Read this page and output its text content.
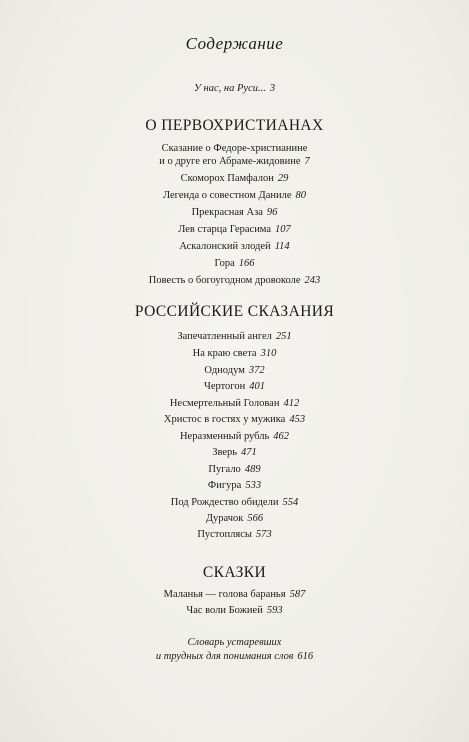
Содержание
У нас, на Руси... 3
О ПЕРВОХРИСТИАНАХ
Сказание о Федоре-христианине
и о друге его Абраме-жидовине 7
Скоморох Памфалон 29
Легенда о совестном Даниле 80
Прекрасная Аза 96
Лев старца Герасима 107
Аскалонский злодей 114
Гора 166
Повесть о богоугодном дровоколе 243
РОССИЙСКИЕ СКАЗАНИЯ
Запечатленный ангел 251
На краю света 310
Однодум 372
Чертогон 401
Несмертельный Голован 412
Христос в гостях у мужика 453
Неразменный рубль 462
Зверь 471
Пугало 489
Фигура 533
Под Рождество обидели 554
Дурачок 566
Пустоплясы 573
СКАЗКИ
Маланья — голова баранья 587
Час воли Божией 593
Словарь устаревших
и трудных для понимания слов 616
